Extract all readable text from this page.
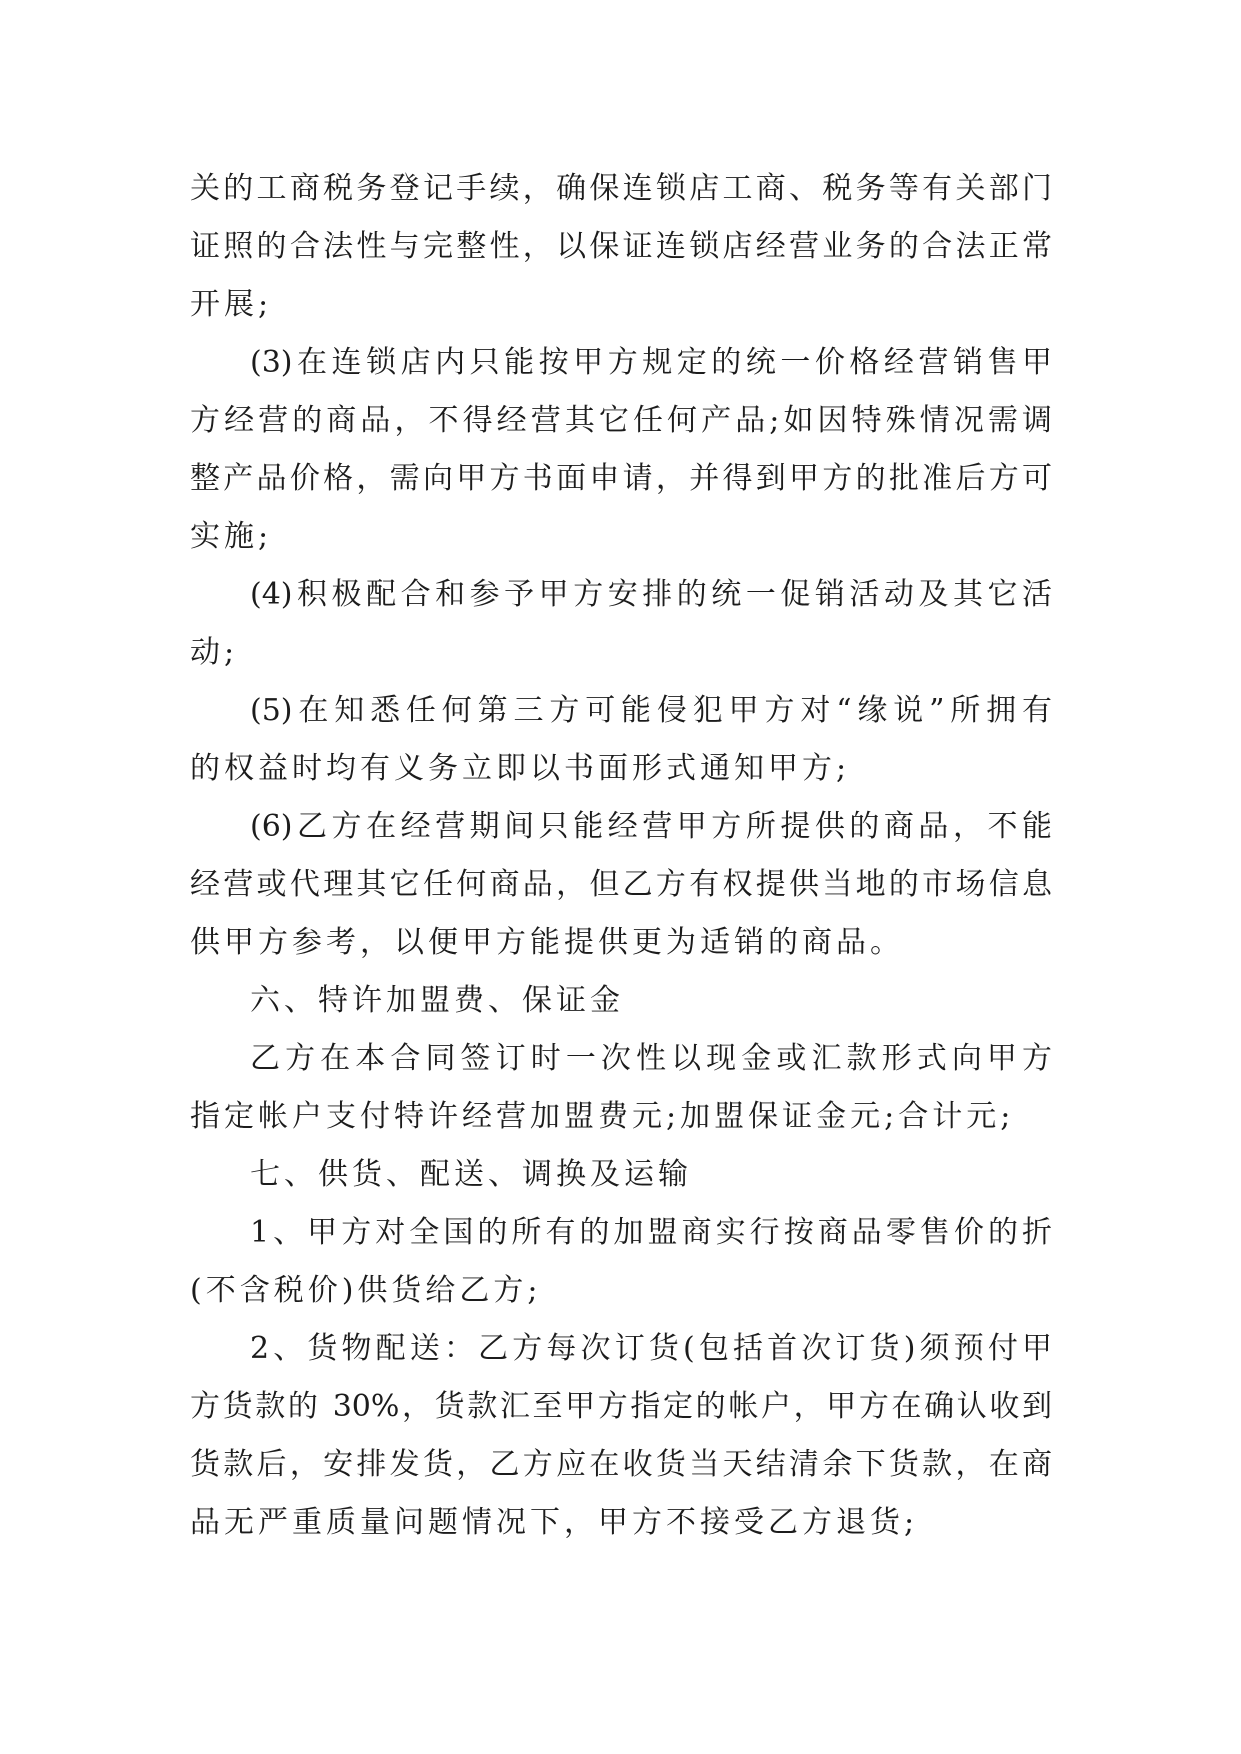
关的工商税务登记手续，确保连锁店工商、税务等有关部门
证照的合法性与完整性，以保证连锁店经营业务的合法正常
开展;
(3)在连锁店内只能按甲方规定的统一价格经营销售甲
方经营的商品，不得经营其它任何产品;如因特殊情况需调
整产品价格，需向甲方书面申请，并得到甲方的批准后方可
实施;
(4)积极配合和参予甲方安排的统一促销活动及其它活
动;
(5)在知悉任何第三方可能侵犯甲方对“缘说”所拥有
的权益时均有义务立即以书面形式通知甲方;
(6)乙方在经营期间只能经营甲方所提供的商品，不能
经营或代理其它任何商品，但乙方有权提供当地的市场信息
供甲方参考，以便甲方能提供更为适销的商品。
六、特许加盟费、保证金
乙方在本合同签订时一次性以现金或汇款形式向甲方
指定帐户支付特许经营加盟费元;加盟保证金元;合计元;
七、供货、配送、调换及运输
1、甲方对全国的所有的加盟商实行按商品零售价的折
(不含税价)供货给乙方;
2、货物配送：乙方每次订货(包括首次订货)须预付甲
方货款的 30%，货款汇至甲方指定的帐户，甲方在确认收到
货款后，安排发货，乙方应在收货当天结清余下货款，在商
品无严重质量问题情况下，甲方不接受乙方退货;
